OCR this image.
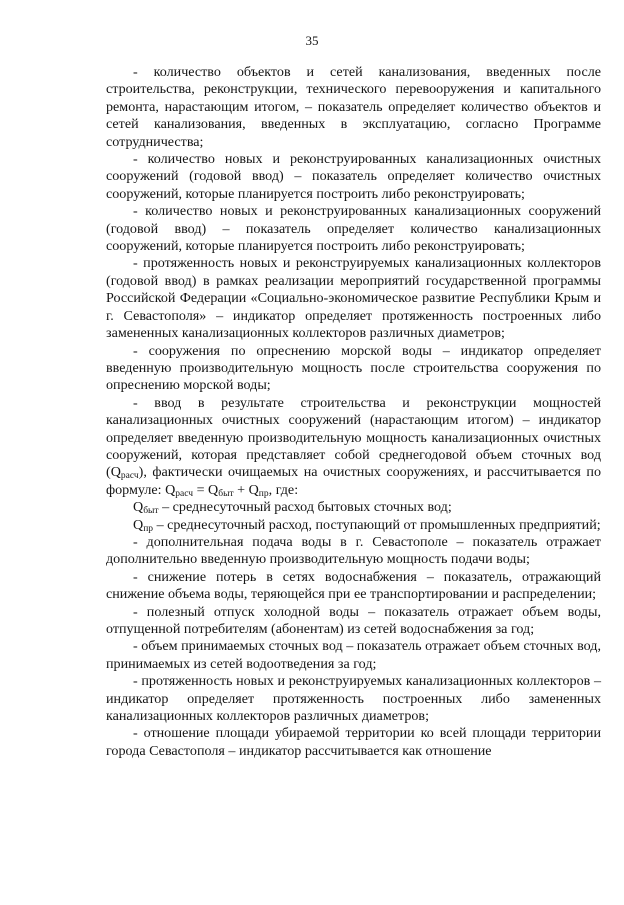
35

- количество объектов и сетей канализования, введенных после строительства, реконструкции, технического перевооружения и капитального ремонта, нарастающим итогом, – показатель определяет количество объектов и сетей канализования, введенных в эксплуатацию, согласно Программе сотрудничества;

- количество новых и реконструированных канализационных очистных сооружений (годовой ввод) – показатель определяет количество очистных сооружений, которые планируется построить либо реконструировать;

- количество новых и реконструированных канализационных сооружений (годовой ввод) – показатель определяет количество канализационных сооружений, которые планируется построить либо реконструировать;

- протяженность новых и реконструируемых канализационных коллекторов (годовой ввод) в рамках реализации мероприятий государственной программы Российской Федерации «Социально-экономическое развитие Республики Крым и г. Севастополя» – индикатор определяет протяженность построенных либо замененных канализационных коллекторов различных диаметров;

- сооружения по опреснению морской воды – индикатор определяет введенную производительную мощность после строительства сооружения по опреснению морской воды;

- ввод в результате строительства и реконструкции мощностей канализационных очистных сооружений (нарастающим итогом) – индикатор определяет введенную производительную мощность канализационных очистных сооружений, которая представляет собой среднегодовой объем сточных вод $(Q_{расч})$, фактически очищаемых на очистных сооружениях, и рассчитывается по формуле: $Q_{расч} = Q_{быт} + Q_{пр}$, где:

$Q_{быт}$ – среднесуточный расход бытовых сточных вод;

$Q_{пр}$ – среднесуточный расход, поступающий от промышленных предприятий;

- дополнительная подача воды в г. Севастополе – показатель отражает дополнительно введенную производительную мощность подачи воды;

- снижение потерь в сетях водоснабжения – показатель, отражающий снижение объема воды, теряющейся при ее транспортировании и распределении;

- полезный отпуск холодной воды – показатель отражает объем воды, отпущенной потребителям (абонентам) из сетей водоснабжения за год;

- объем принимаемых сточных вод – показатель отражает объем сточных вод, принимаемых из сетей водоотведения за год;

- протяженность новых и реконструируемых канализационных коллекторов – индикатор определяет протяженность построенных либо замененных канализационных коллекторов различных диаметров;

- отношение площади убираемой территории ко всей площади территории города Севастополя – индикатор рассчитывается как отношение
